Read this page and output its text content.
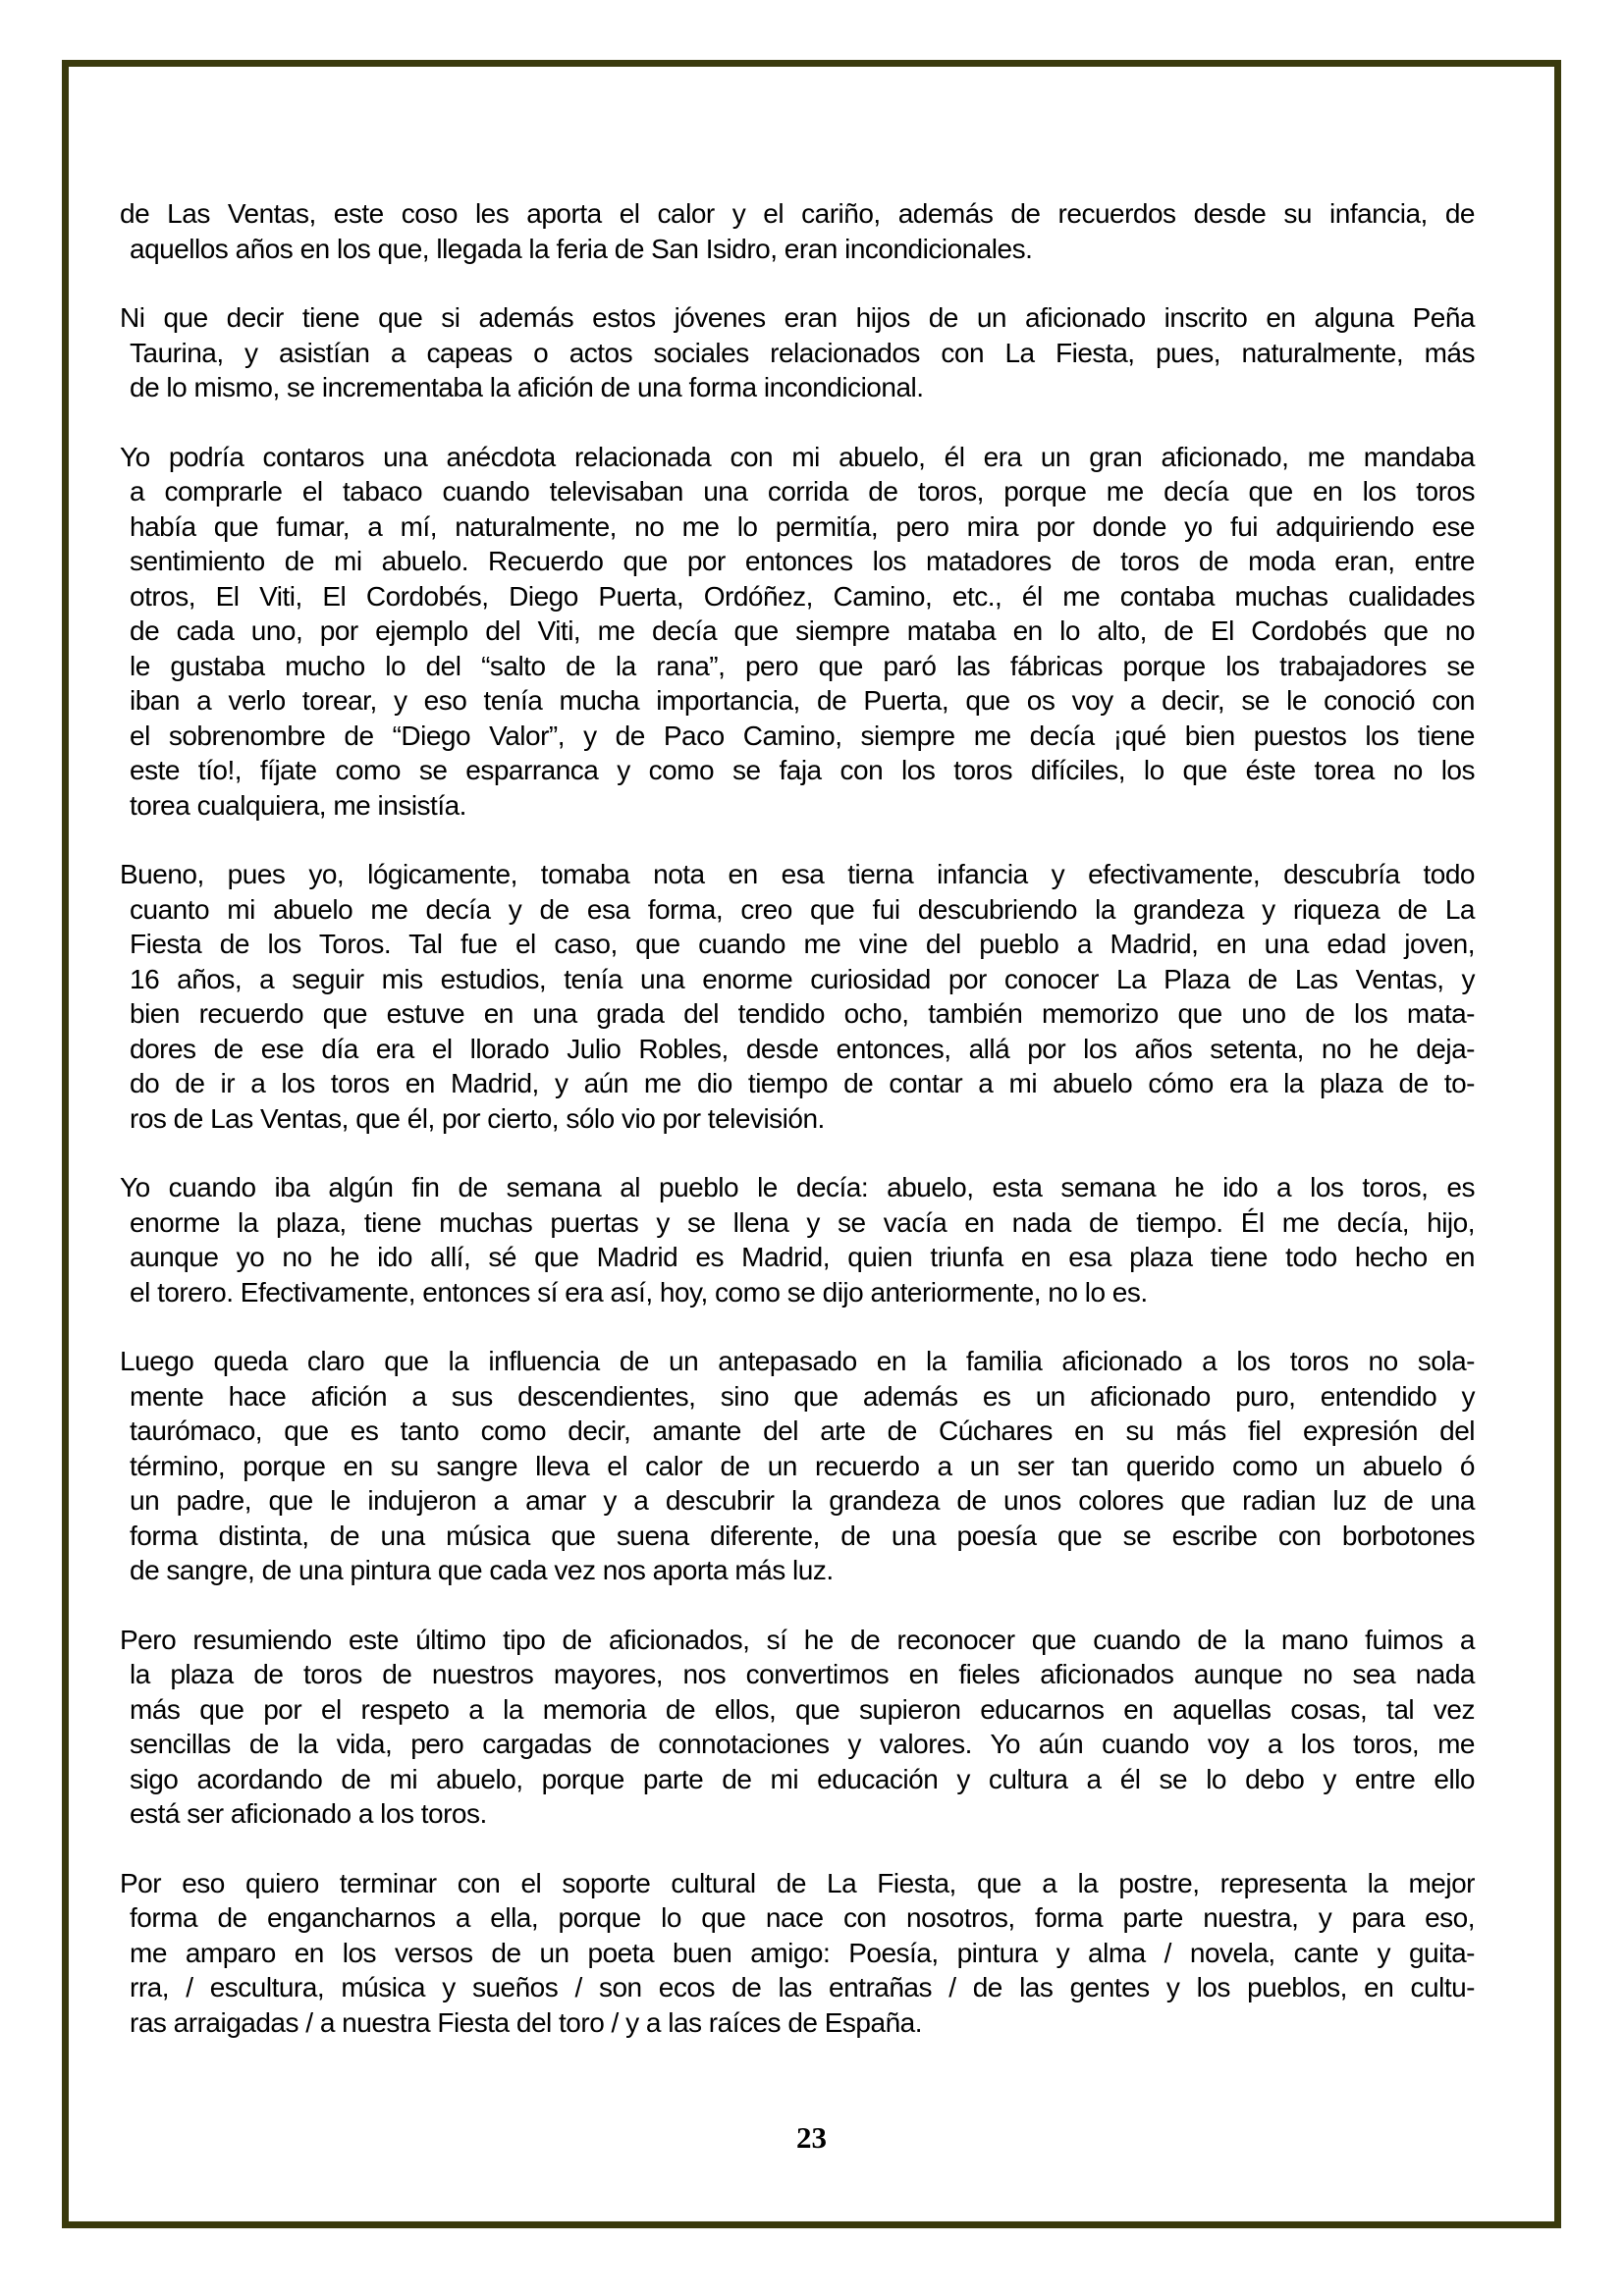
de Las Ventas, este coso les aporta el calor y el cariño, además de recuerdos desde su infancia, de
aquellos años en los que, llegada la feria de San Isidro, eran incondicionales.
Ni que decir tiene que si además estos jóvenes eran hijos de un aficionado inscrito en alguna Peña
Taurina, y asistían a capeas o actos sociales relacionados con La Fiesta, pues, naturalmente, más
de lo mismo, se incrementaba la afición de una forma incondicional.
Yo podría contaros una anécdota relacionada con mi abuelo, él era un gran aficionado, me mandaba
a comprarle el tabaco cuando televisaban una corrida de toros, porque me decía que en los toros
había que fumar, a mí, naturalmente, no me lo permitía, pero mira por donde yo fui adquiriendo ese
sentimiento de mi abuelo. Recuerdo que por entonces los matadores de toros de moda eran, entre
otros, El Viti, El Cordobés, Diego Puerta, Ordóñez, Camino, etc., él me contaba muchas cualidades
de cada uno, por ejemplo del Viti, me decía que siempre mataba en lo alto, de El Cordobés que no
le gustaba mucho lo del “salto de la rana”, pero que paró las fábricas porque los trabajadores se
iban a verlo torear, y eso tenía mucha importancia, de Puerta, que os voy a decir, se le conoció con
el sobrenombre de “Diego Valor”, y de Paco Camino, siempre me decía ¡qué bien puestos los tiene
este tío!, fíjate como se esparranca y como se faja con los toros difíciles, lo que éste torea no los
torea cualquiera, me insistía.
Bueno, pues yo, lógicamente, tomaba nota en esa tierna infancia y efectivamente, descubría todo
cuanto mi abuelo me decía y de esa forma, creo que fui descubriendo la grandeza y riqueza de La
Fiesta de los Toros. Tal fue el caso, que cuando me vine del pueblo a Madrid, en una edad joven,
16 años, a seguir mis estudios, tenía una enorme curiosidad por conocer La Plaza de Las Ventas, y
bien recuerdo que estuve en una grada del tendido ocho, también memorizo que uno de los mata-
dores de ese día era el llorado Julio Robles, desde entonces, allá por los años setenta, no he deja-
do de ir a los toros en Madrid, y aún me dio tiempo de contar a mi abuelo cómo era la plaza de to-
ros de Las Ventas, que él, por cierto, sólo vio por televisión.
Yo cuando iba algún fin de semana al pueblo le decía: abuelo, esta semana he ido a los toros, es
enorme la plaza, tiene muchas puertas y se llena y se vacía en nada de tiempo. Él me decía, hijo,
aunque yo no he ido allí, sé que Madrid es Madrid, quien triunfa en esa plaza tiene todo hecho en
el torero. Efectivamente, entonces sí era así, hoy, como se dijo anteriormente, no lo es.
Luego queda claro que la influencia de un antepasado en la familia aficionado a los toros no sola-
mente hace afición a sus descendientes, sino que además es un aficionado puro, entendido y
taurómaco, que es tanto como decir, amante del arte de Cúchares en su más fiel expresión del
término, porque en su sangre lleva el calor de un recuerdo a un ser tan querido como un abuelo ó
un padre, que le indujeron a amar y a descubrir la grandeza de unos colores que radian luz de una
forma distinta, de una música que suena diferente, de una poesía que se escribe con borbotones
de sangre, de una pintura que cada vez nos aporta más luz.
Pero resumiendo este último tipo de aficionados, sí he de reconocer que cuando de la mano fuimos a
la plaza de toros de nuestros mayores, nos convertimos en fieles aficionados aunque no sea nada
más que por el respeto a la memoria de ellos, que supieron educarnos en aquellas cosas, tal vez
sencillas de la vida, pero cargadas de connotaciones y valores. Yo aún cuando voy a los toros, me
sigo acordando de mi abuelo, porque parte de mi educación y cultura a él se lo debo y entre ello
está ser aficionado a los toros.
Por eso quiero terminar con el soporte cultural de La Fiesta, que a la postre, representa la mejor
forma de engancharnos a ella, porque lo que nace con nosotros, forma parte nuestra, y para eso,
me amparo en los versos de un poeta buen amigo: Poesía, pintura y alma / novela, cante y guita-
rra, / escultura, música y sueños / son ecos de las entrañas / de las gentes y los pueblos, en cultu-
ras arraigadas / a nuestra Fiesta del toro / y a las raíces de España.
23
